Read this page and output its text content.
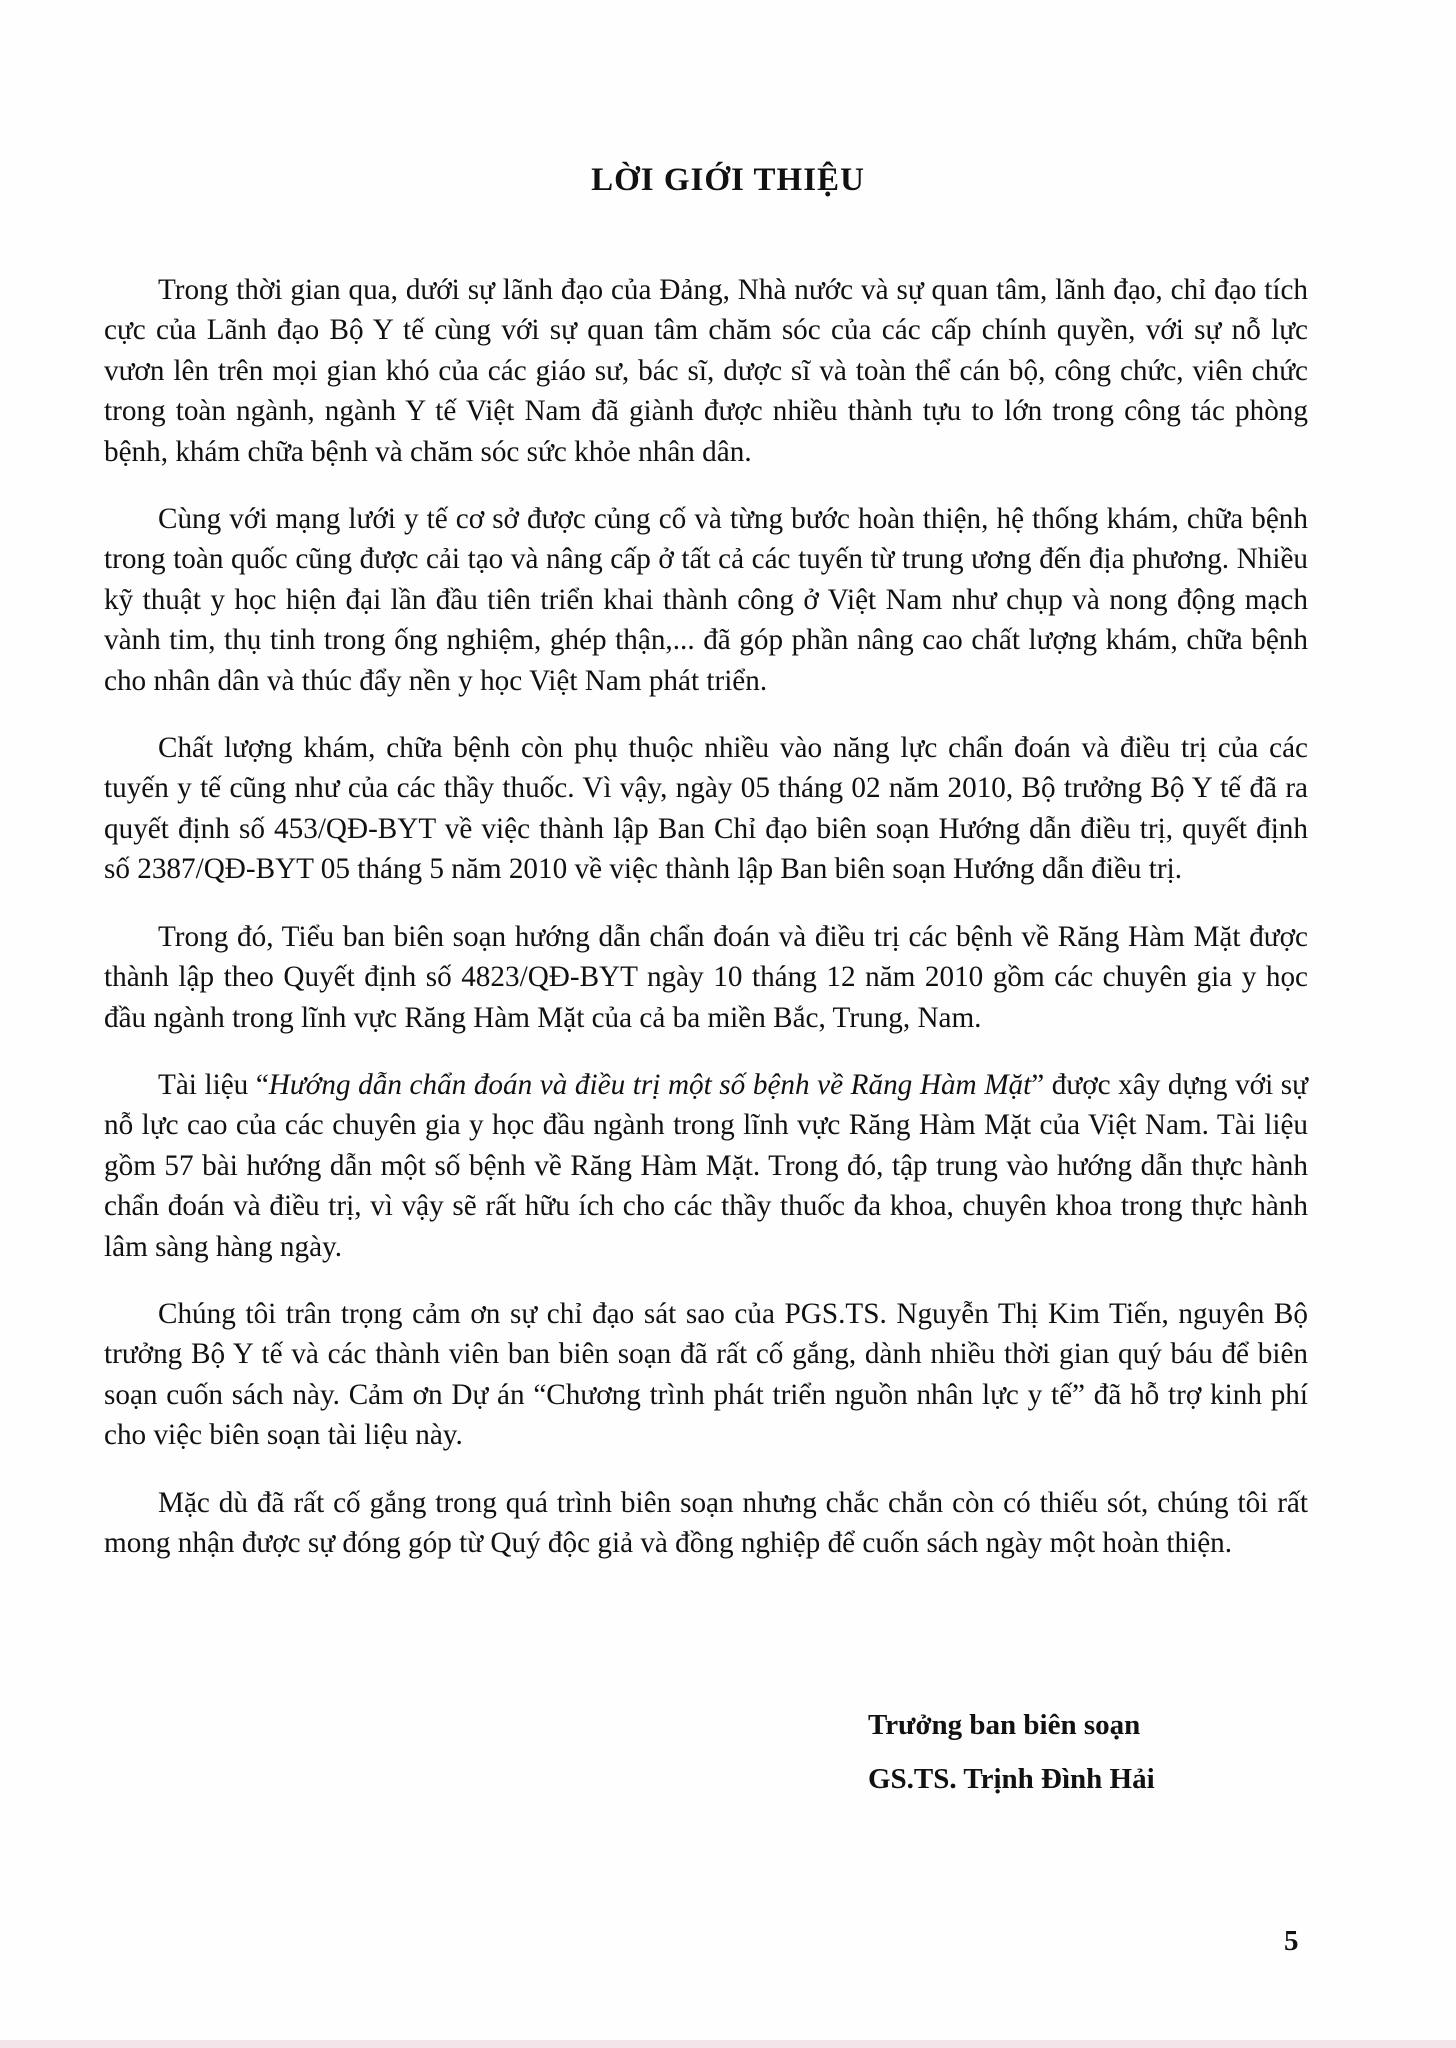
LỜI GIỚI THIỆU

Trong thời gian qua, dưới sự lãnh đạo của Đảng, Nhà nước và sự quan tâm, lãnh đạo, chỉ đạo tích cực của Lãnh đạo Bộ Y tế cùng với sự quan tâm chăm sóc của các cấp chính quyền, với sự nỗ lực vươn lên trên mọi gian khó của các giáo sư, bác sĩ, dược sĩ và toàn thể cán bộ, công chức, viên chức trong toàn ngành, ngành Y tế Việt Nam đã giành được nhiều thành tựu to lớn trong công tác phòng bệnh, khám chữa bệnh và chăm sóc sức khỏe nhân dân.

Cùng với mạng lưới y tế cơ sở được củng cố và từng bước hoàn thiện, hệ thống khám, chữa bệnh trong toàn quốc cũng được cải tạo và nâng cấp ở tất cả các tuyến từ trung ương đến địa phương. Nhiều kỹ thuật y học hiện đại lần đầu tiên triển khai thành công ở Việt Nam như chụp và nong động mạch vành tim, thụ tinh trong ống nghiệm, ghép thận,... đã góp phần nâng cao chất lượng khám, chữa bệnh cho nhân dân và thúc đẩy nền y học Việt Nam phát triển.

Chất lượng khám, chữa bệnh còn phụ thuộc nhiều vào năng lực chẩn đoán và điều trị của các tuyến y tế cũng như của các thầy thuốc. Vì vậy, ngày 05 tháng 02 năm 2010, Bộ trưởng Bộ Y tế đã ra quyết định số 453/QĐ-BYT về việc thành lập Ban Chỉ đạo biên soạn Hướng dẫn điều trị, quyết định số 2387/QĐ-BYT 05 tháng 5 năm 2010 về việc thành lập Ban biên soạn Hướng dẫn điều trị.

Trong đó, Tiểu ban biên soạn hướng dẫn chẩn đoán và điều trị các bệnh về Răng Hàm Mặt được thành lập theo Quyết định số 4823/QĐ-BYT ngày 10 tháng 12 năm 2010 gồm các chuyên gia y học đầu ngành trong lĩnh vực Răng Hàm Mặt của cả ba miền Bắc, Trung, Nam.

Tài liệu “Hướng dẫn chẩn đoán và điều trị một số bệnh về Răng Hàm Mặt” được xây dựng với sự nỗ lực cao của các chuyên gia y học đầu ngành trong lĩnh vực Răng Hàm Mặt của Việt Nam. Tài liệu gồm 57 bài hướng dẫn một số bệnh về Răng Hàm Mặt. Trong đó, tập trung vào hướng dẫn thực hành chẩn đoán và điều trị, vì vậy sẽ rất hữu ích cho các thầy thuốc đa khoa, chuyên khoa trong thực hành lâm sàng hàng ngày.

Chúng tôi trân trọng cảm ơn sự chỉ đạo sát sao của PGS.TS. Nguyễn Thị Kim Tiến, nguyên Bộ trưởng Bộ Y tế và các thành viên ban biên soạn đã rất cố gắng, dành nhiều thời gian quý báu để biên soạn cuốn sách này. Cảm ơn Dự án “Chương trình phát triển nguồn nhân lực y tế” đã hỗ trợ kinh phí cho việc biên soạn tài liệu này.

Mặc dù đã rất cố gắng trong quá trình biên soạn nhưng chắc chắn còn có thiếu sót, chúng tôi rất mong nhận được sự đóng góp từ Quý độc giả và đồng nghiệp để cuốn sách ngày một hoàn thiện.

Trưởng ban biên soạn
GS.TS. Trịnh Đình Hải
5
